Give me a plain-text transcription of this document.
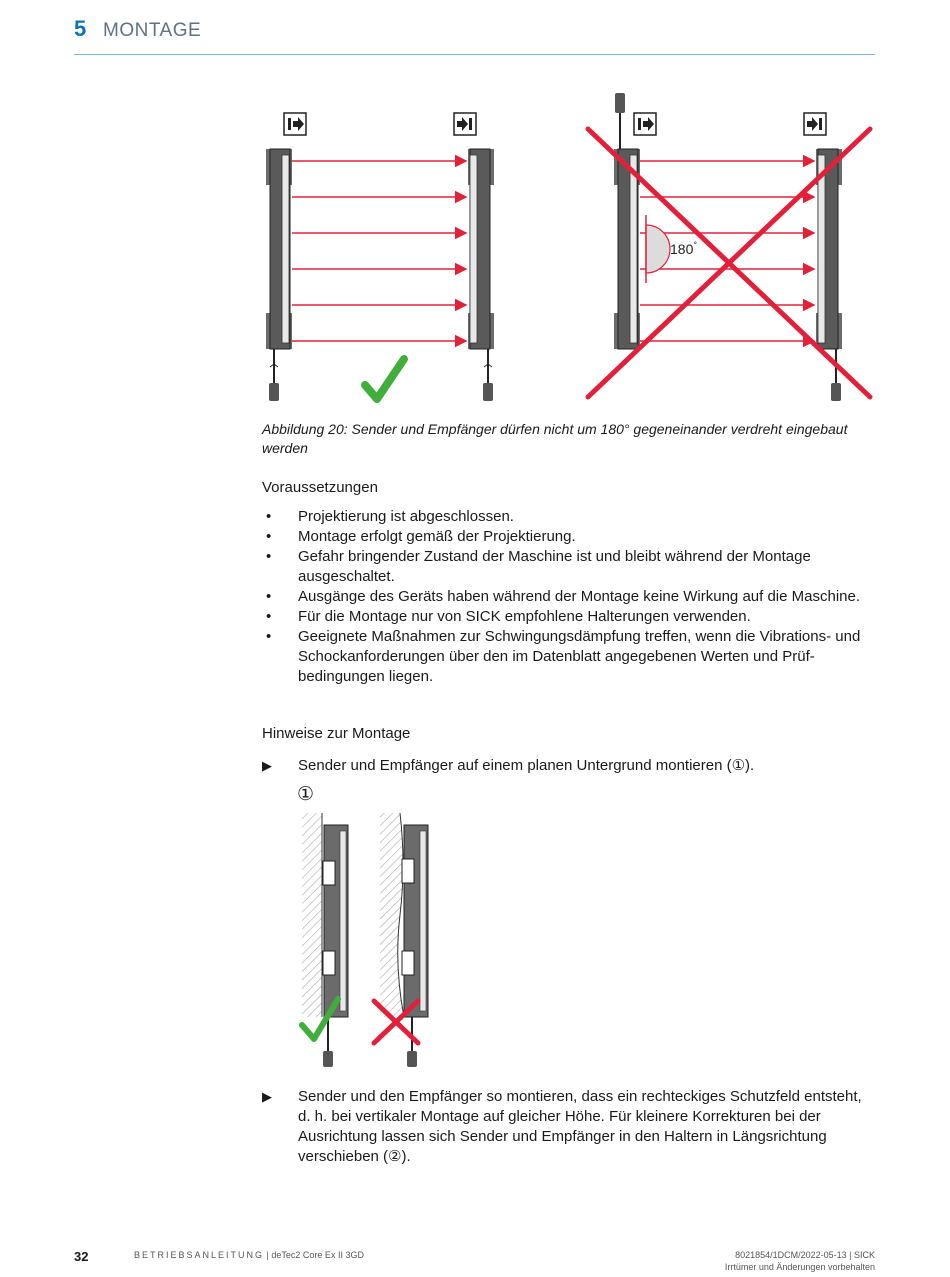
5 MONTAGE
180°
Abbildung 20: Sender und Empfänger dürfen nicht um 180° gegeneinander verdreht eingebaut werden
Voraussetzungen
• Projektierung ist abgeschlossen.
• Montage erfolgt gemäß der Projektierung.
• Gefahr bringender Zustand der Maschine ist und bleibt während der Montage ausgeschaltet.
• Ausgänge des Geräts haben während der Montage keine Wirkung auf die Maschine.
• Für die Montage nur von SICK empfohlene Halterungen verwenden.
• Geeignete Maßnahmen zur Schwingungsdämpfung treffen, wenn die Vibrations- und Schockanforderungen über den im Datenblatt angegebenen Werten und Prüf-bedingungen liegen.
Hinweise zur Montage
▶ Sender und Empfänger auf einem planen Untergrund montieren (①).
①
▶ Sender und den Empfänger so montieren, dass ein rechteckiges Schutzfeld entsteht, d. h. bei vertikaler Montage auf gleicher Höhe. Für kleinere Korrekturen bei der Ausrichtung lassen sich Sender und Empfänger in den Haltern in Längsrichtung verschieben (②).
32	BETRIEBSANLEITUNG | deTec2 Core Ex II 3GD	8021854/1DCM/2022-05-13 | SICK
Irrtümer und Änderungen vorbehalten
